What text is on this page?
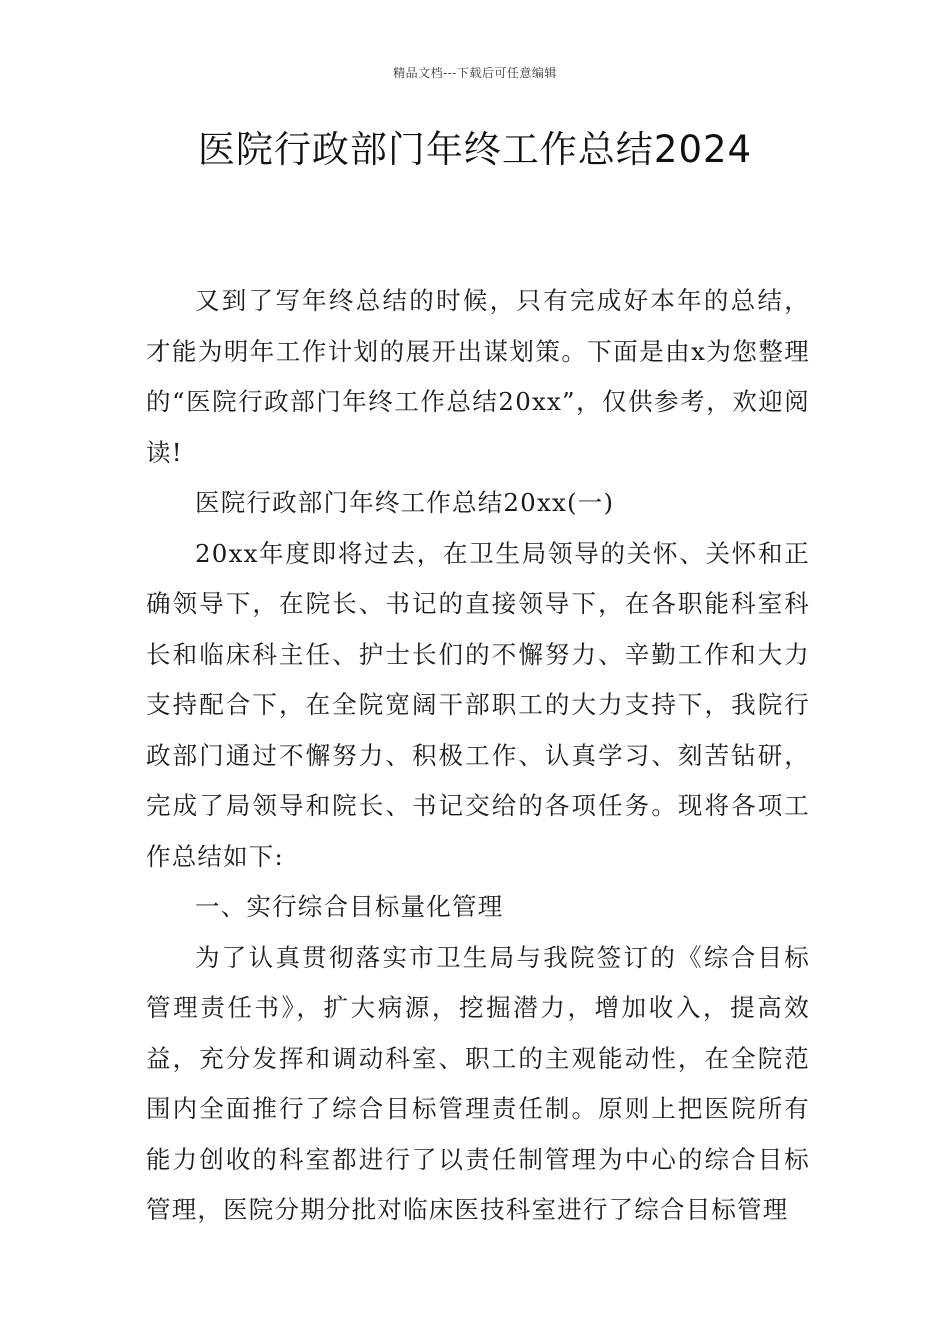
精品文档---下载后可任意编辑
医院行政部门年终工作总结2024

又到了写年终总结的时候，只有完成好本年的总结，才能为明年工作计划的展开出谋划策。下面是由x为您整理的“医院行政部门年终工作总结20xx”，仅供参考，欢迎阅读!

医院行政部门年终工作总结20xx(一)

20xx年度即将过去，在卫生局领导的关怀、关怀和正确领导下，在院长、书记的直接领导下，在各职能科室科长和临床科主任、护士长们的不懈努力、辛勤工作和大力支持配合下，在全院宽阔干部职工的大力支持下，我院行政部门通过不懈努力、积极工作、认真学习、刻苦钻研，完成了局领导和院长、书记交给的各项任务。现将各项工作总结如下:

一、实行综合目标量化管理

为了认真贯彻落实市卫生局与我院签订的《综合目标管理责任书》，扩大病源，挖掘潜力，增加收入，提高效益，充分发挥和调动科室、职工的主观能动性，在全院范围内全面推行了综合目标管理责任制。原则上把医院所有能力创收的科室都进行了以责任制管理为中心的综合目标管理，医院分期分批对临床医技科室进行了综合目标管理
